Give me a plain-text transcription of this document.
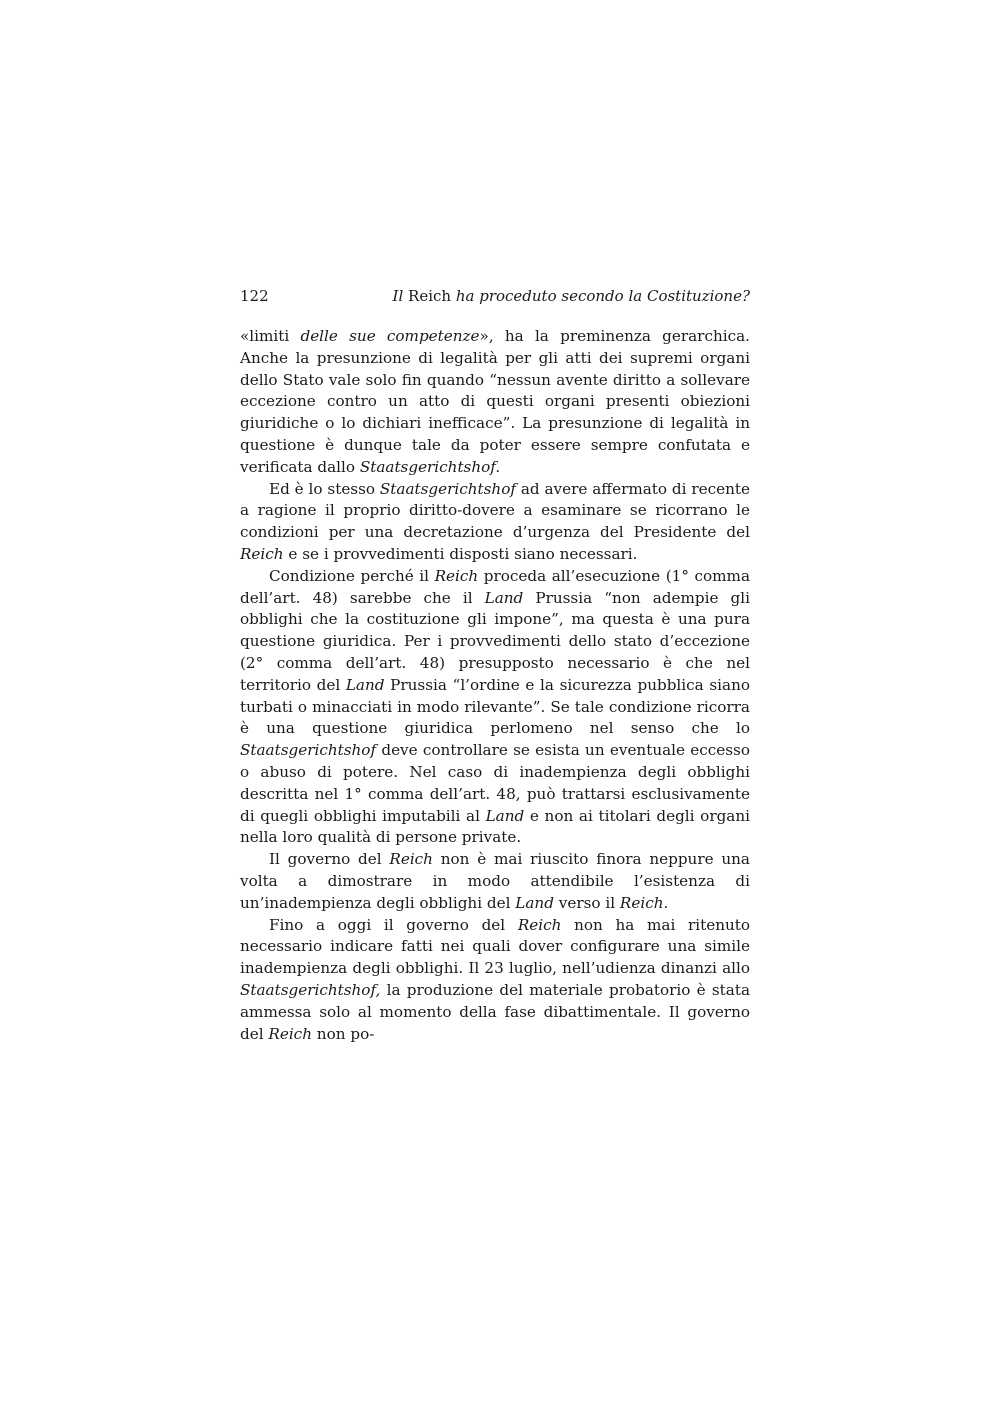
122	Il Reich ha proceduto secondo la Costituzione?

«limiti delle sue competenze», ha la preminenza gerarchica. Anche la presunzione di legalità per gli atti dei supremi organi dello Stato vale solo fin quando “nessun avente diritto a sollevare eccezione contro un atto di questi organi presenti obiezioni giuridiche o lo dichiari inefficace”. La presunzione di legalità in questione è dunque tale da poter essere sempre confutata e verificata dallo Staatsgerichtshof.

Ed è lo stesso Staatsgerichtshof ad avere affermato di recente a ragione il proprio diritto-dovere a esaminare se ricorrano le condizioni per una decretazione d’urgenza del Presidente del Reich e se i provvedimenti disposti siano necessari.

Condizione perché il Reich proceda all’esecuzione (1° comma dell’art. 48) sarebbe che il Land Prussia “non adempie gli obblighi che la costituzione gli impone”, ma questa è una pura questione giuridica. Per i provvedimenti dello stato d’eccezione (2° comma dell’art. 48) presupposto necessario è che nel territorio del Land Prussia “l’ordine e la sicurezza pubblica siano turbati o minacciati in modo rilevante”. Se tale condizione ricorra è una questione giuridica perlomeno nel senso che lo Staatsgerichtshof deve controllare se esista un eventuale eccesso o abuso di potere. Nel caso di inadempienza degli obblighi descritta nel 1° comma dell’art. 48, può trattarsi esclusivamente di quegli obblighi imputabili al Land e non ai titolari degli organi nella loro qualità di persone private.

Il governo del Reich non è mai riuscito finora neppure una volta a dimostrare in modo attendibile l’esistenza di un’inadempienza degli obblighi del Land verso il Reich.

Fino a oggi il governo del Reich non ha mai ritenuto necessario indicare fatti nei quali dover configurare una simile inadempienza degli obblighi. Il 23 luglio, nell’udienza dinanzi allo Staatsgerichtshof, la produzione del materiale probatorio è stata ammessa solo al momento della fase dibattimentale. Il governo del Reich non po-
